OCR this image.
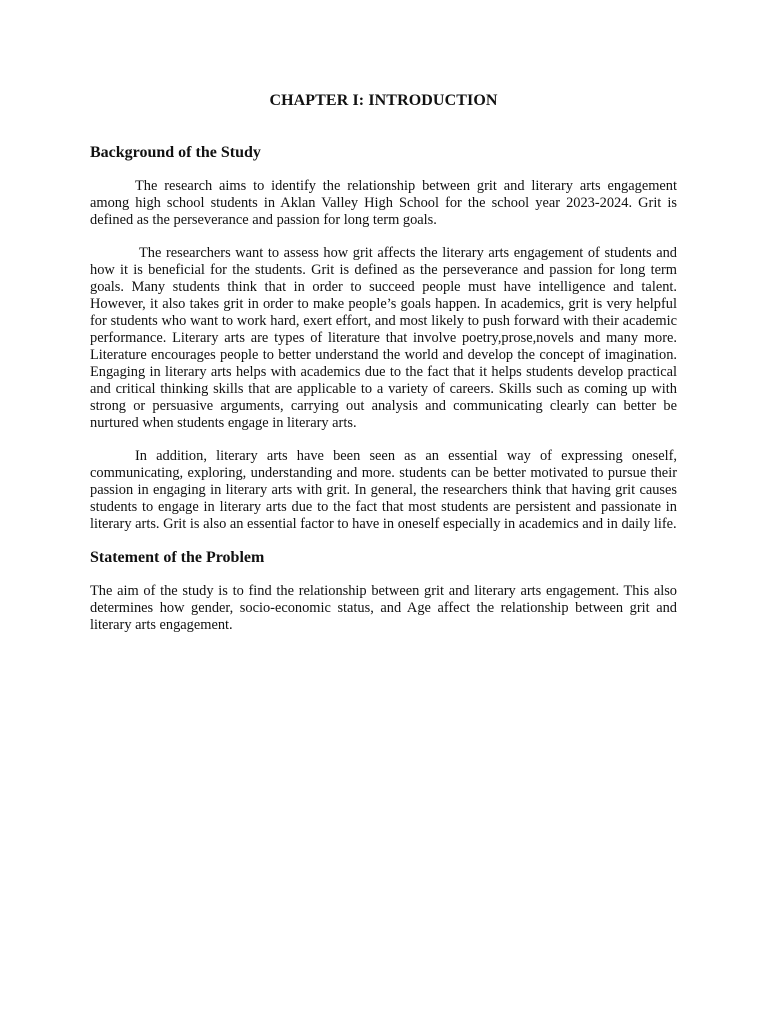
CHAPTER I: INTRODUCTION
Background of the Study

The research aims to identify the relationship between grit and literary arts engagement among high school students in Aklan Valley High School for the school year 2023-2024. Grit is defined as the perseverance and passion for long term goals.

The researchers want to assess how grit affects the literary arts engagement of students and how it is beneficial for the students. Grit is defined as the perseverance and passion for long term goals. Many students think that in order to succeed people must have intelligence and talent. However, it also takes grit in order to make people’s goals happen. In academics, grit is very helpful for students who want to work hard, exert effort, and most likely to push forward with their academic performance. Literary arts are types of literature that involve poetry,prose,novels and many more. Literature encourages people to better understand the world and develop the concept of imagination. Engaging in literary arts helps with academics due to the fact that it helps students develop practical and critical thinking skills that are applicable to a variety of careers. Skills such as coming up with strong or persuasive arguments, carrying out analysis and communicating clearly can better be nurtured when students engage in literary arts.

In addition, literary arts have been seen as an essential way of expressing oneself, communicating, exploring, understanding and more. students can be better motivated to pursue their passion in engaging in literary arts with grit. In general, the researchers think that having grit causes students to engage in literary arts due to the fact that most students are persistent and passionate in literary arts. Grit is also an essential factor to have in oneself especially in academics and in daily life.

Statement of the Problem

The aim of the study is to find the relationship between grit and literary arts engagement. This also determines how gender, socio-economic status, and Age affect the relationship between grit and literary arts engagement.
